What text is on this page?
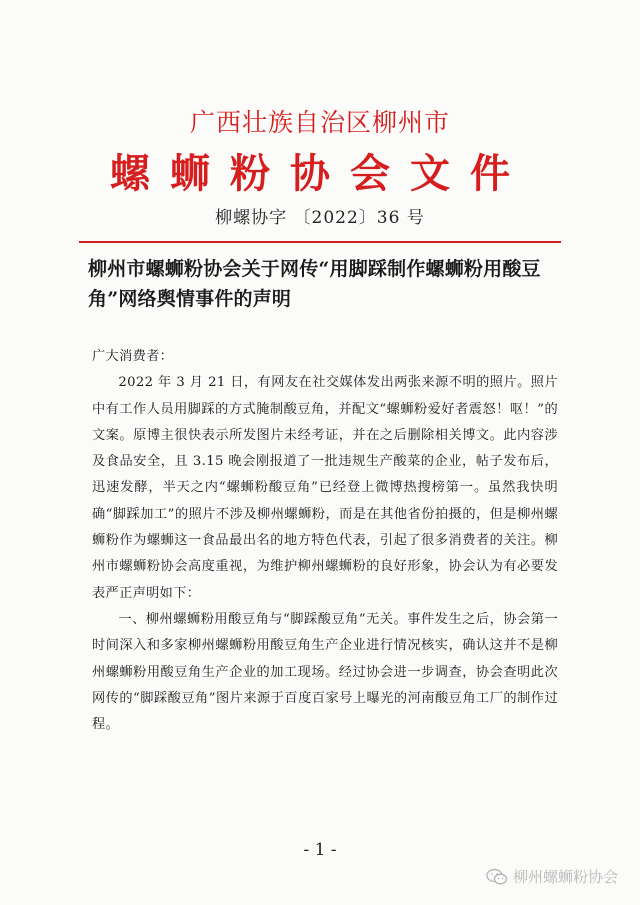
广西壮族自治区柳州市
螺蛳粉协会文件
柳螺协字 〔2022〕36 号
柳州市螺蛳粉协会关于网传“用脚踩制作螺蛳粉用酸豆角”网络舆情事件的声明

广大消费者：

2022 年 3 月 21 日，有网友在社交媒体发出两张来源不明的照片。照片中有工作人员用脚踩的方式腌制酸豆角，并配文“螺蛳粉爱好者震怒！呕！”的文案。原博主很快表示所发图片未经考证，并在之后删除相关博文。此内容涉及食品安全，且 3.15 晚会刚报道了一批违规生产酸菜的企业，帖子发布后，迅速发酵，半天之内“螺蛳粉酸豆角”已经登上微博热搜榜第一。虽然我快明确“脚踩加工”的照片不涉及柳州螺蛳粉，而是在其他省份拍摄的，但是柳州螺蛳粉作为螺蛳这一食品最出名的地方特色代表，引起了很多消费者的关注。柳州市螺蛳粉协会高度重视，为维护柳州螺蛳粉的良好形象，协会认为有必要发表严正声明如下：

一、柳州螺蛳粉用酸豆角与“脚踩酸豆角”无关。事件发生之后，协会第一时间深入和多家柳州螺蛳粉用酸豆角生产企业进行情况核实，确认这并不是柳州螺蛳粉用酸豆角生产企业的加工现场。经过协会进一步调查，协会查明此次网传的“脚踩酸豆角”图片来源于百度百家号上曝光的河南酸豆角工厂的制作过程。

- 1 -
柳州螺蛳粉协会
